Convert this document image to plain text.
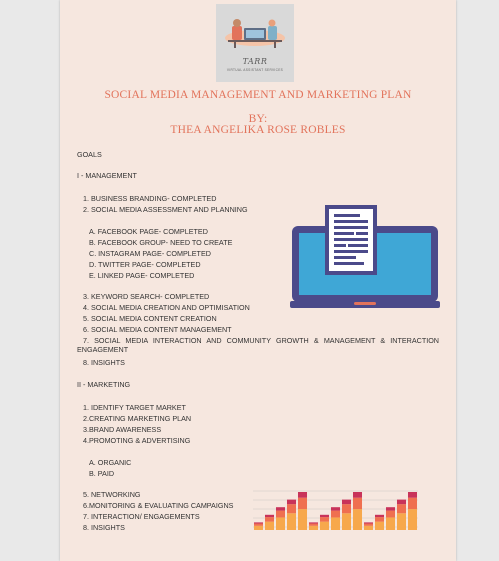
TARR
VIRTUAL ASSISTANT SERVICES
SOCIAL MEDIA MANAGEMENT AND MARKETING PLAN
BY:
THEA ANGELIKA ROSE ROBLES
GOALS
I - MANAGEMENT
1. BUSINESS BRANDING- COMPLETED
2. SOCIAL MEDIA ASSESSMENT AND PLANNING
A. FACEBOOK PAGE- COMPLETED
B. FACEBOOK GROUP- NEED TO CREATE
C. INSTAGRAM PAGE- COMPLETED
D. TWITTER PAGE- COMPLETED
E. LINKED PAGE- COMPLETED
3. KEYWORD SEARCH- COMPLETED
4. SOCIAL MEDIA CREATION AND OPTIMISATION
5. SOCIAL MEDIA CONTENT CREATION
6. SOCIAL MEDIA CONTENT MANAGEMENT
7. SOCIAL MEDIA INTERACTION AND COMMUNITY GROWTH & MANAGEMENT & INTERACTION ENGAGEMENT
8. INSIGHTS
II - MARKETING
1. IDENTIFY TARGET MARKET
2.CREATING MARKETING PLAN
3.BRAND AWARENESS
4.PROMOTING & ADVERTISING
A. ORGANIC
B. PAID
5. NETWORKING
6.MONITORING & EVALUATING CAMPAIGNS
7. INTERACTION/ ENGAGEMENTS
8. INSIGHTS
